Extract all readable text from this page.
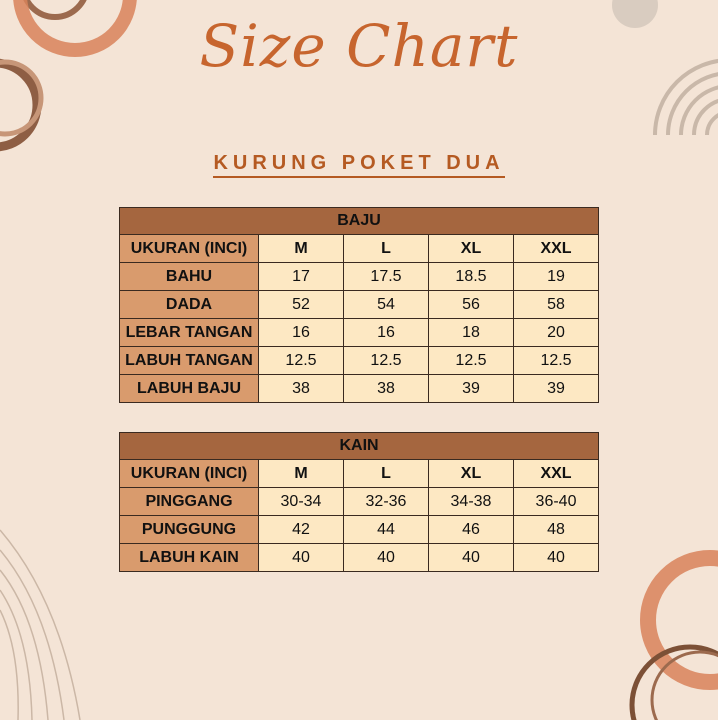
Size Chart
KURUNG POKET DUA
BAJU				
UKURAN (INCI)	M	L	XL	XXL
BAHU	17	17.5	18.5	19
DADA	52	54	56	58
LEBAR TANGAN	16	16	18	20
LABUH TANGAN	12.5	12.5	12.5	12.5
LABUH BAJU	38	38	39	39
KAIN				
UKURAN (INCI)	M	L	XL	XXL
PINGGANG	30-34	32-36	34-38	36-40
PUNGGUNG	42	44	46	48
LABUH KAIN	40	40	40	40
